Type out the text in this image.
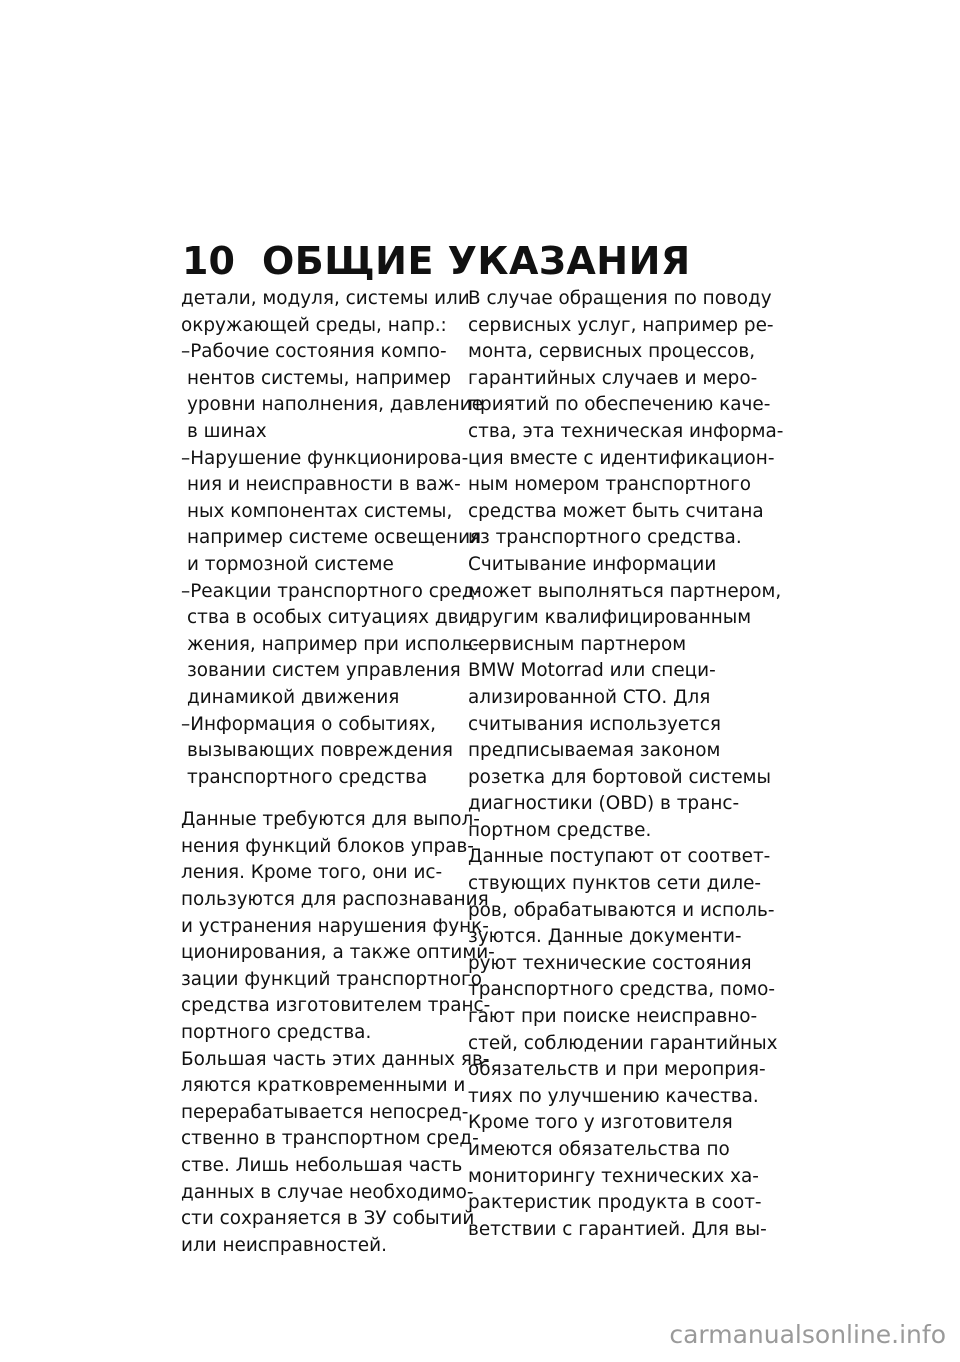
10 ОБЩИЕ УКАЗАНИЯ
детали, модуля, системы или
окружающей среды, напр.:
–Рабочие состояния компо-
нентов системы, например
уровни наполнения, давление
в шинах
–Нарушение функционирова-
ния и неисправности в важ-
ных компонентах системы,
например системе освещения
и тормозной системе
–Реакции транспортного сред-
ства в особых ситуациях дви-
жения, например при исполь-
зовании систем управления
динамикой движения
–Информация о событиях,
вызывающих повреждения
транспортного средства
Данные требуются для выпол-
нения функций блоков управ-
ления. Кроме того, они ис-
пользуются для распознавания
и устранения нарушения функ-
ционирования, а также оптими-
зации функций транспортного
средства изготовителем транс-
портного средства.
Большая часть этих данных яв-
ляются кратковременными и
перерабатывается непосред-
ственно в транспортном сред-
стве. Лишь небольшая часть
данных в случае необходимо-
сти сохраняется в ЗУ событий
или неисправностей.
В случае обращения по поводу
сервисных услуг, например ре-
монта, сервисных процессов,
гарантийных случаев и меро-
приятий по обеспечению каче-
ства, эта техническая информа-
ция вместе с идентификацион-
ным номером транспортного
средства может быть считана
из транспортного средства.
Считывание информации
может выполняться партнером,
другим квалифицированным
сервисным партнером
BMW Motorrad или специ-
ализированной СТО. Для
считывания используется
предписываемая законом
розетка для бортовой системы
диагностики (OBD) в транс-
портном средстве.
Данные поступают от соответ-
ствующих пунктов сети диле-
ров, обрабатываются и исполь-
зуются. Данные документи-
руют технические состояния
транспортного средства, помо-
гают при поиске неисправно-
стей, соблюдении гарантийных
обязательств и при мероприя-
тиях по улучшению качества.
Кроме того у изготовителя
имеются обязательства по
мониторингу технических ха-
рактеристик продукта в соот-
ветствии с гарантией. Для вы-
carmanualsonline.info
